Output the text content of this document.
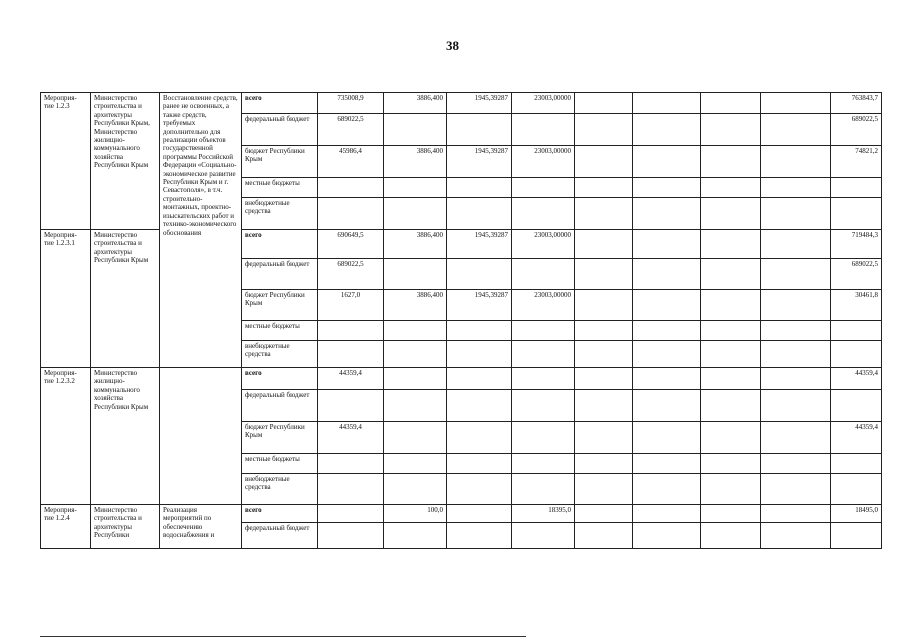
38
Мероприя-
тие 1.2.3	Министерство строительства и архитектуры Республики Крым, Министерство жилищно-коммунального хозяйства Республики Крым	Восстановление средств, ранее не освоенных, а также средств, требуемых дополнительно для реализации объектов государственной программы Российской Федерации «Социально-экономическое развитие Республики Крым и г. Севастополя», в т.ч. строительно-монтажных, проектно-изыскательских работ и технико-экономического обоснования	всего	735008,9	3886,400	1945,39287	23003,00000					763843,7
			федеральный бюджет	689022,5								689022,5
			бюджет Республики Крым	45986,4	3886,400	1945,39287	23003,00000					74821,2
			местные бюджеты									
			внебюджетные средства									
Мероприя-
тие 1.2.3.1	Министерство строительства и архитектуры Республики Крым		всего	690649,5	3886,400	1945,39287	23003,00000					719484,3
			федеральный бюджет	689022,5								689022,5
			бюджет Республики Крым	1627,0	3886,400	1945,39287	23003,00000					30461,8
			местные бюджеты									
			внебюджетные средства									
Мероприя-
тие 1.2.3.2	Министерство жилищно-коммунального хозяйства Республики Крым		всего	44359,4								44359,4
			федеральный бюджет									
			бюджет Республики Крым	44359,4								44359,4
			местные бюджеты									
			внебюджетные средства									
Мероприя-
тие 1.2.4	Министерство строительства и архитектуры Республики	Реализация мероприятий по обеспечению водоснабжения и	всего		100,0		18395,0					18495,0
			федеральный бюджет									
